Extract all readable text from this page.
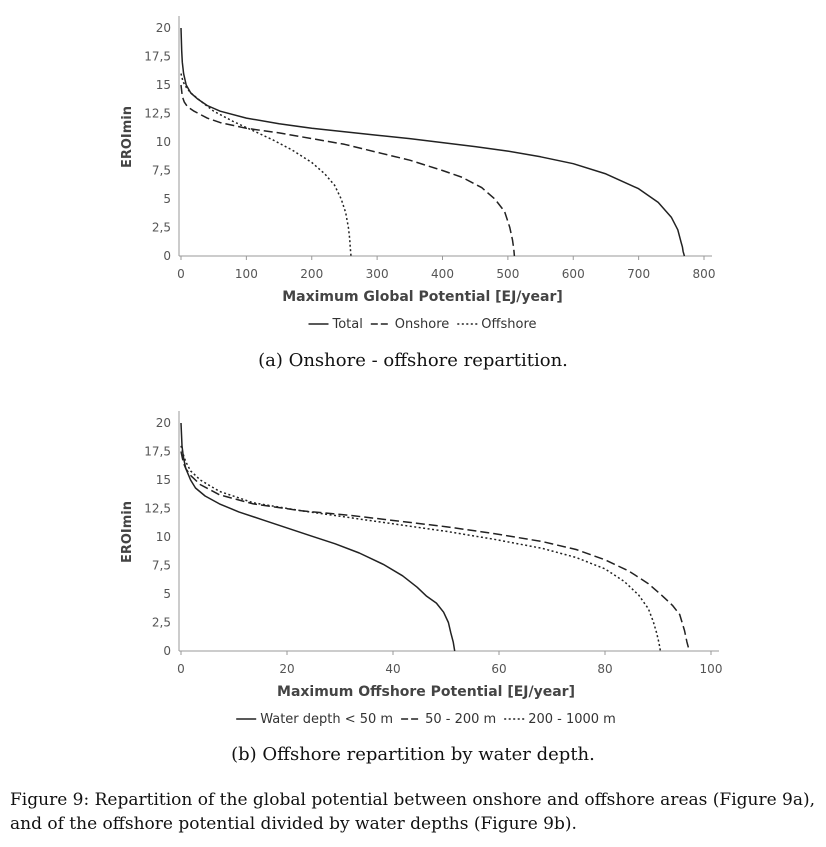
0	100	200	300	400	500	600	700	800
0
2,5
5
7,5
10
12,5
15
17,5
20
Maximum Global Potential [EJ/year]
EROImin
Total Onshore Offshore
(a) Onshore - offshore repartition.
0	20	40	60	80	100
0
2,5
5
7,5
10
12,5
15
17,5
20
Maximum Offshore Potential [EJ/year]
EROImin
Water depth < 50 m 50 - 200 m 200 - 1000 m
(b) Offshore repartition by water depth.
Figure 9: Repartition of the global potential between onshore and offshore areas (Figure 9a), and of the offshore potential divided by water depths (Figure 9b).
